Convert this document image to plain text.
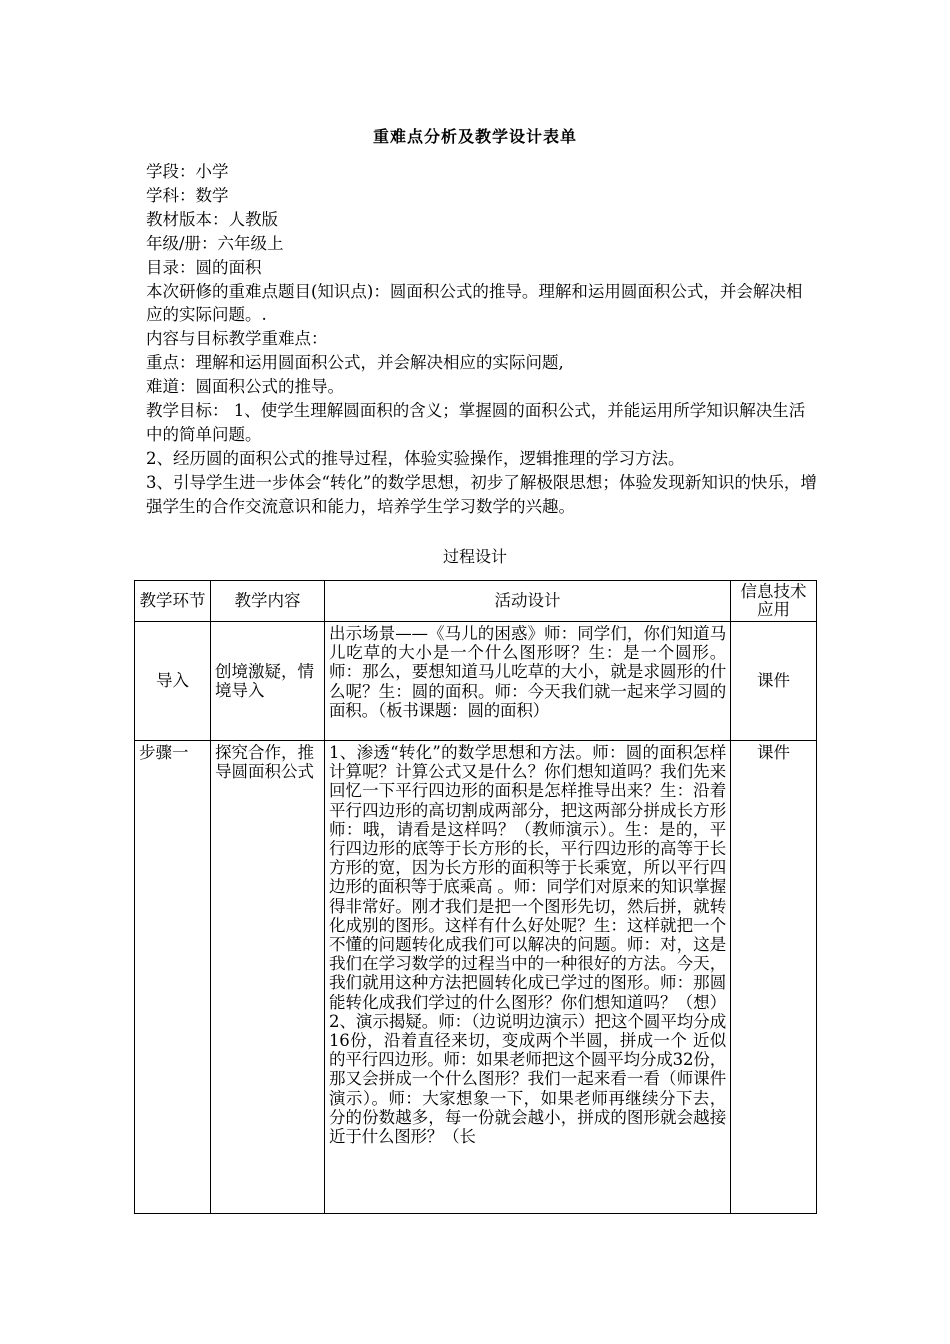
重难点分析及教学设计表单
学段：小学
学科：数学
教材版本：人教版
年级/册：六年级上
目录：圆的面积
本次研修的重难点题目(知识点)：圆面积公式的推导。理解和运用圆面积公式，并会解决相应的实际问题。.
内容与目标教学重难点：
重点：理解和运用圆面积公式，并会解决相应的实际问题,
难道：圆面积公式的推导。
教学目标： 1、使学生理解圆面积的含义；掌握圆的面积公式，并能运用所学知识解决生活中的简单问题。
2、经历圆的面积公式的推导过程，体验实验操作，逻辑推理的学习方法。
3、引导学生进一步体会“转化”的数学思想，初步了解极限思想；体验发现新知识的快乐，增强学生的合作交流意识和能力，培养学生学习数学的兴趣。
过程设计
教学环节	教学内容	活动设计	信息技术应用
导入	创境激疑，情境导入	出示场景——《马儿的困惑》师：同学们，你们知道马儿吃草的大小是一个什么图形呀？生：是一个圆形。师：那么，要想知道马儿吃草的大小，就是求圆形的什么呢？生：圆的面积。师：今天我们就一起来学习圆的面积。（板书课题：圆的面积）	课件
步骤一	探究合作，推导圆面积公式	1、渗透“转化”的数学思想和方法。师：圆的面积怎样计算呢？计算公式又是什么？你们想知道吗？我们先来回忆一下平行四边形的面积是怎样推导出来？生：沿着平行四边形的高切割成两部分，把这两部分拼成长方形师：哦，请看是这样吗？（教师演示）。生：是的，平行四边形的底等于长方形的长，平行四边形的高等于长方形的宽，因为长方形的面积等于长乘宽，所以平行四边形的面积等于底乘高 。师：同学们对原来的知识掌握得非常好。刚才我们是把一个图形先切，然后拼，就转化成别的图形。这样有什么好处呢？生：这样就把一个不懂的问题转化成我们可以解决的问题。师：对，这是我们在学习数学的过程当中的一种很好的方法。今天，我们就用这种方法把圆转化成已学过的图形。师：那圆能转化成我们学过的什么图形？你们想知道吗？（想） 2、演示揭疑。师：（边说明边演示）把这个圆平均分成16份，沿着直径来切，变成两个半圆，拼成一个 近似的平行四边形。师：如果老师把这个圆平均分成32份，那又会拼成一个什么图形？我们一起来看一看（师课件演示）。师：大家想象一下，如果老师再继续分下去，分的份数越多，每一份就会越小，拼成的图形就会越接近于什么图形？（长	课件
